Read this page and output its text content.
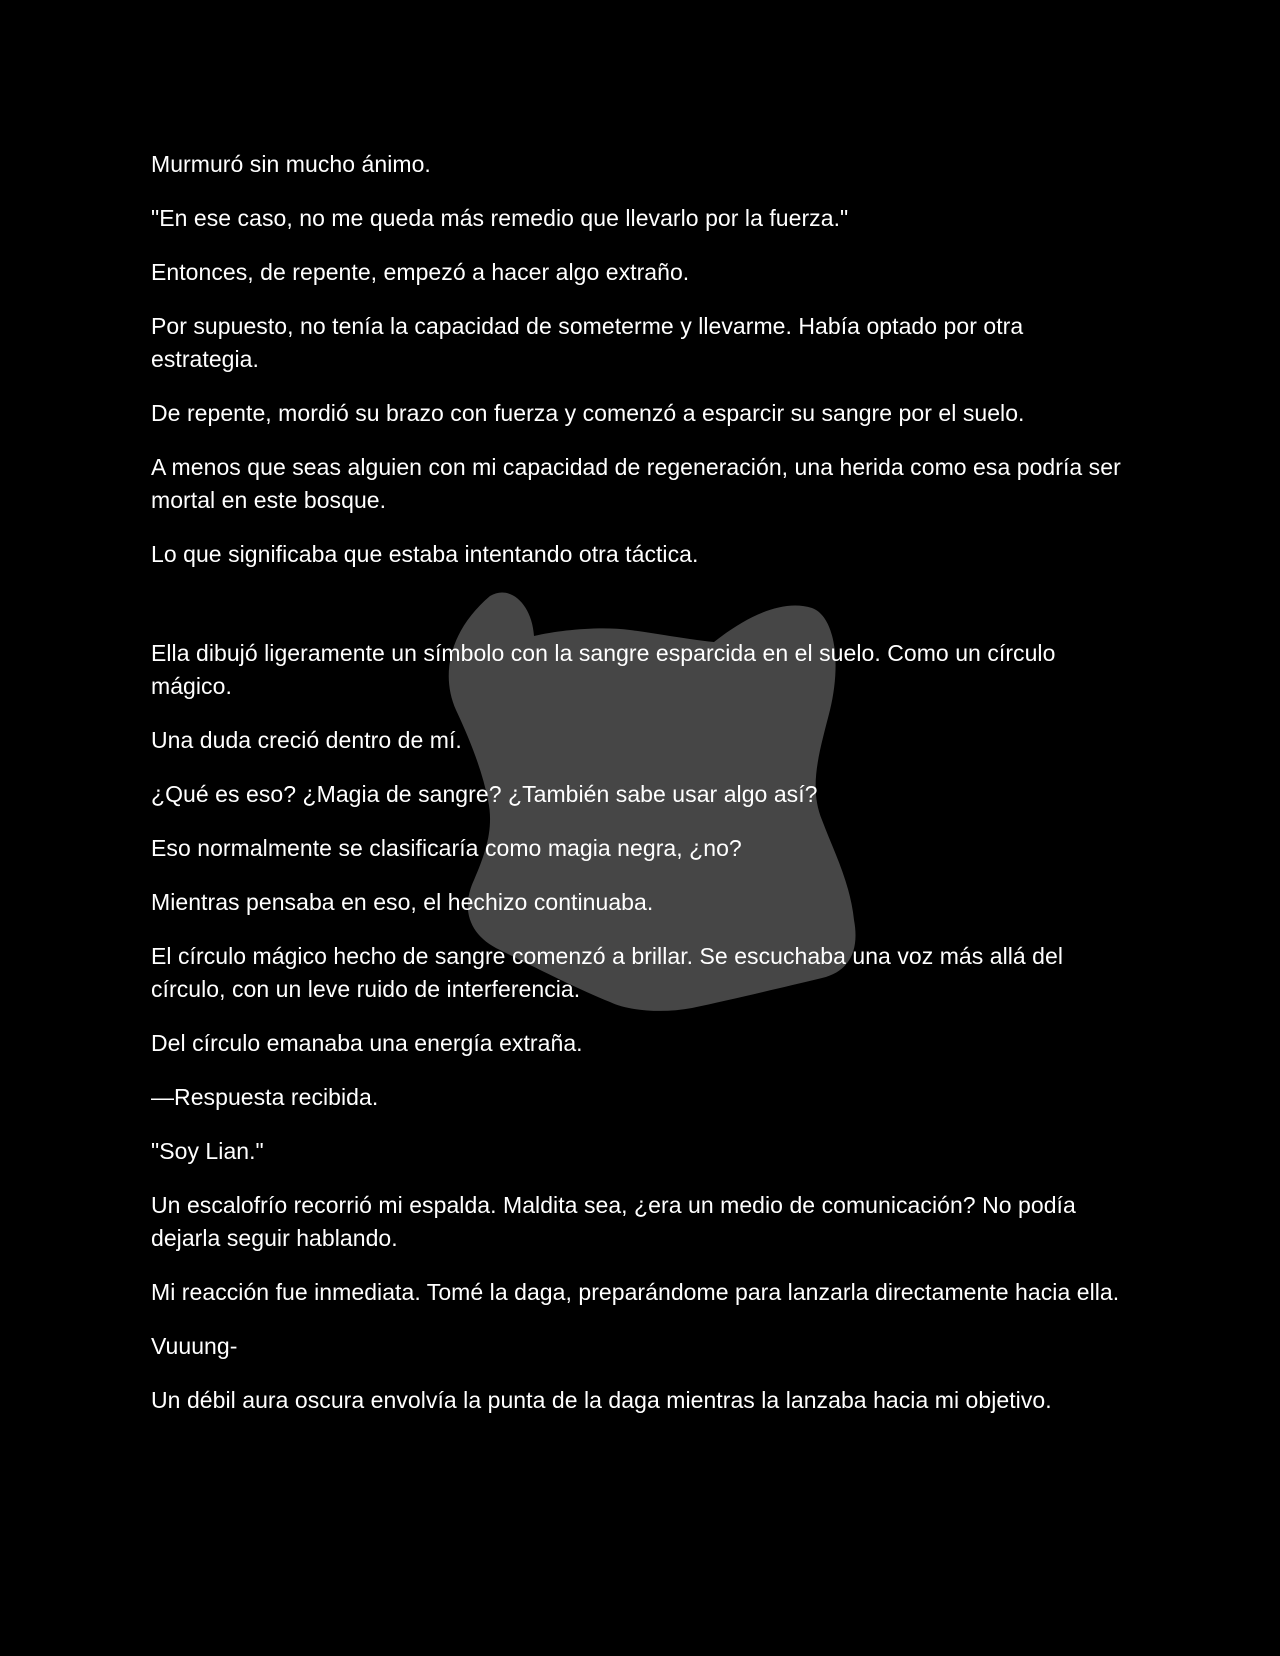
Murmuró sin mucho ánimo.

"En ese caso, no me queda más remedio que llevarlo por la fuerza."

Entonces, de repente, empezó a hacer algo extraño.

Por supuesto, no tenía la capacidad de someterme y llevarme. Había optado por otra estrategia.

De repente, mordió su brazo con fuerza y comenzó a esparcir su sangre por el suelo.

A menos que seas alguien con mi capacidad de regeneración, una herida como esa podría ser mortal en este bosque.

Lo que significaba que estaba intentando otra táctica.

Ella dibujó ligeramente un símbolo con la sangre esparcida en el suelo. Como un círculo mágico.

Una duda creció dentro de mí.

¿Qué es eso? ¿Magia de sangre? ¿También sabe usar algo así?

Eso normalmente se clasificaría como magia negra, ¿no?

Mientras pensaba en eso, el hechizo continuaba.

El círculo mágico hecho de sangre comenzó a brillar. Se escuchaba una voz más allá del círculo, con un leve ruido de interferencia.

Del círculo emanaba una energía extraña.

—Respuesta recibida.

"Soy Lian."

Un escalofrío recorrió mi espalda. Maldita sea, ¿era un medio de comunicación? No podía dejarla seguir hablando.

Mi reacción fue inmediata. Tomé la daga, preparándome para lanzarla directamente hacia ella.

Vuuung-

Un débil aura oscura envolvía la punta de la daga mientras la lanzaba hacia mi objetivo.
